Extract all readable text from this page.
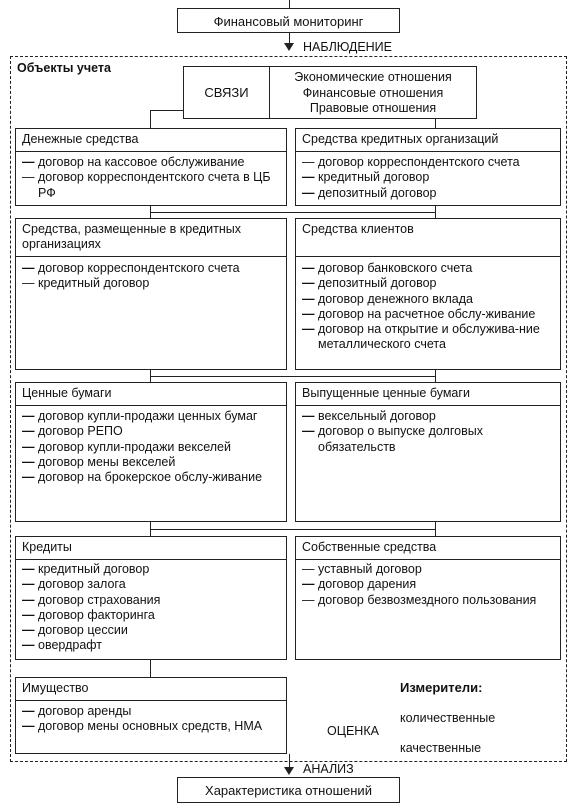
Финансовый мониторинг
НАБЛЮДЕНИЕ
Объекты учета
СВЯЗИ
Экономические отношения
Финансовые отношения
Правовые отношения
Денежные средства
— договор на кассовое обслуживание
— договор корреспондентского счета в ЦБ РФ
Средства, размещенные в кредитных организациях
— договор корреспондентского счета
— кредитный договор
Ценные бумаги
— договор купли-продажи ценных бумаг
— договор РЕПО
— договор купли-продажи векселей
— договор мены векселей
— договор на брокерское обслу-живание
Кредиты
— кредитный договор
— договор залога
— договор страхования
— договор факторинга
— договор цессии
— овердрафт
Имущество
— договор аренды
— договор мены основных средств, НМА
Средства кредитных организаций
— договор корреспондентского счета
— кредитный договор
— депозитный договор
Средства клиентов
— договор банковского счета
— депозитный договор
— договор денежного вклада
— договор на расчетное обслу-живание
— договор на открытие и обслужива-ние металлического счета
Выпущенные ценные бумаги
— вексельный договор
— договор о выпуске долговых обязательств
Собственные средства
— уставный договор
— договор дарения
— договор безвозмездного пользования
Измерители:
ОЦЕНКА
количественные
качественные
АНАЛИЗ
Характеристика отношений
